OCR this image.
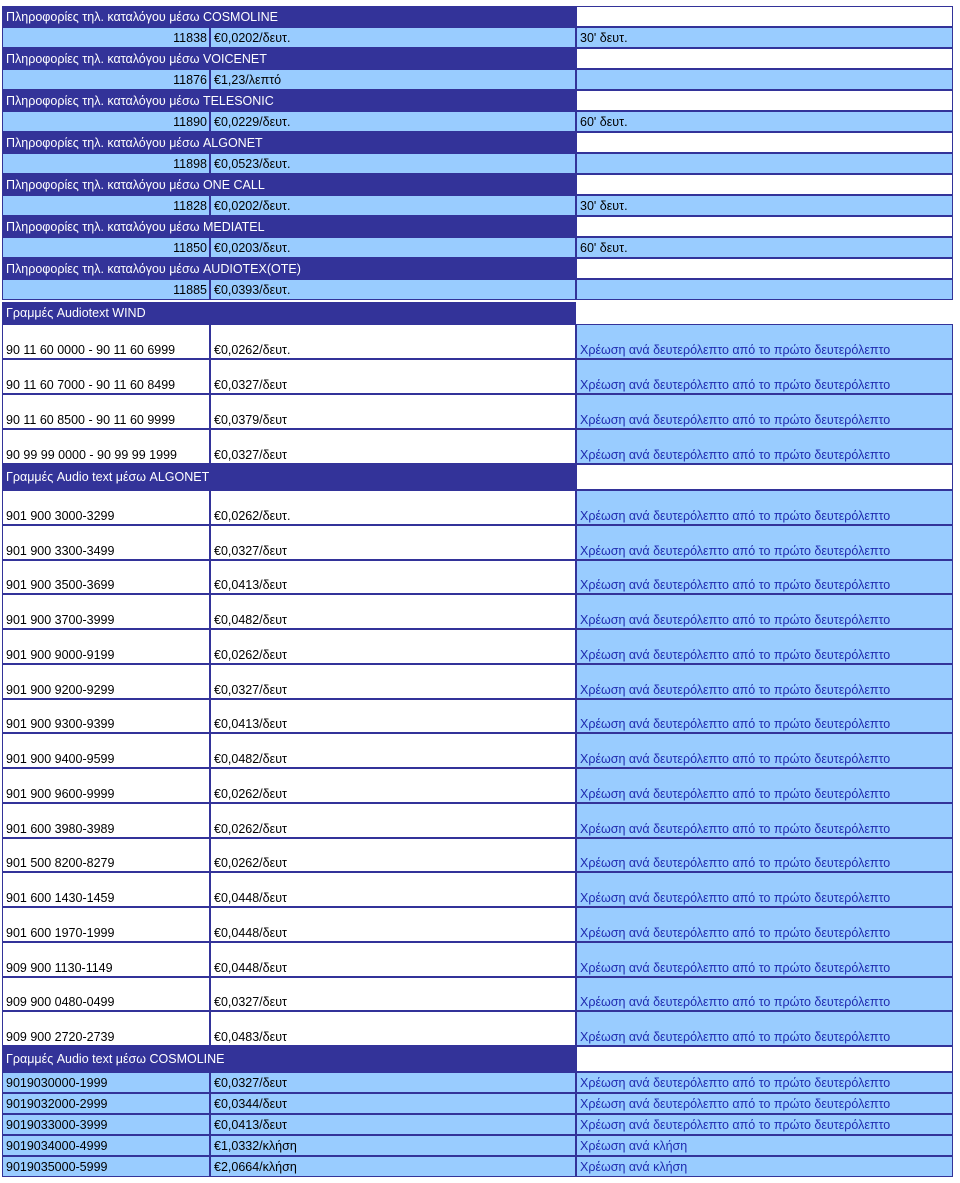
Πληροφορίες τηλ. καταλόγου μέσω COSMOLINE
11838 €0,0202/δευτ.	30' δευτ.
Πληροφορίες τηλ. καταλόγου μέσω VOICENET
11876 €1,23/λεπτό
Πληροφορίες τηλ. καταλόγου μέσω TELESONIC
11890 €0,0229/δευτ.	60' δευτ.
Πληροφορίες τηλ. καταλόγου μέσω ALGONET
11898 €0,0523/δευτ.
Πληροφορίες τηλ. καταλόγου μέσω ONE CALL
11828 €0,0202/δευτ.	30' δευτ.
Πληροφορίες τηλ. καταλόγου μέσω MEDIATEL
11850 €0,0203/δευτ.	60' δευτ.
Πληροφορίες τηλ. καταλόγου μέσω AUDIOTEX(OTE)
11885 €0,0393/δευτ.
Γραμμές Audiotext WIND
90 11 60 0000 - 90 11 60 6999	€0,0262/δευτ.	Χρέωση ανά δευτερόλεπτο από το πρώτο δευτερόλεπτο
90 11 60 7000 - 90 11 60 8499	€0,0327/δευτ	Χρέωση ανά δευτερόλεπτο από το πρώτο δευτερόλεπτο
90 11 60 8500 - 90 11 60 9999	€0,0379/δευτ	Χρέωση ανά δευτερόλεπτο από το πρώτο δευτερόλεπτο
90 99 99 0000 - 90 99 99 1999	€0,0327/δευτ	Χρέωση ανά δευτερόλεπτο από το πρώτο δευτερόλεπτο
Γραμμές Audio text μέσω ALGONET
901 900 3000-3299	€0,0262/δευτ.	Χρέωση ανά δευτερόλεπτο από το πρώτο δευτερόλεπτο
901 900 3300-3499	€0,0327/δευτ	Χρέωση ανά δευτερόλεπτο από το πρώτο δευτερόλεπτο
901 900 3500-3699	€0,0413/δευτ	Χρέωση ανά δευτερόλεπτο από το πρώτο δευτερόλεπτο
901 900 3700-3999	€0,0482/δευτ	Χρέωση ανά δευτερόλεπτο από το πρώτο δευτερόλεπτο
901 900 9000-9199	€0,0262/δευτ	Χρέωση ανά δευτερόλεπτο από το πρώτο δευτερόλεπτο
901 900 9200-9299	€0,0327/δευτ	Χρέωση ανά δευτερόλεπτο από το πρώτο δευτερόλεπτο
901 900 9300-9399	€0,0413/δευτ	Χρέωση ανά δευτερόλεπτο από το πρώτο δευτερόλεπτο
901 900 9400-9599	€0,0482/δευτ	Χρέωση ανά δευτερόλεπτο από το πρώτο δευτερόλεπτο
901 900 9600-9999	€0,0262/δευτ	Χρέωση ανά δευτερόλεπτο από το πρώτο δευτερόλεπτο
901 600 3980-3989	€0,0262/δευτ	Χρέωση ανά δευτερόλεπτο από το πρώτο δευτερόλεπτο
901 500 8200-8279	€0,0262/δευτ	Χρέωση ανά δευτερόλεπτο από το πρώτο δευτερόλεπτο
901 600 1430-1459	€0,0448/δευτ	Χρέωση ανά δευτερόλεπτο από το πρώτο δευτερόλεπτο
901 600 1970-1999	€0,0448/δευτ	Χρέωση ανά δευτερόλεπτο από το πρώτο δευτερόλεπτο
909 900 1130-1149	€0,0448/δευτ	Χρέωση ανά δευτερόλεπτο από το πρώτο δευτερόλεπτο
909 900 0480-0499	€0,0327/δευτ	Χρέωση ανά δευτερόλεπτο από το πρώτο δευτερόλεπτο
909 900 2720-2739	€0,0483/δευτ	Χρέωση ανά δευτερόλεπτο από το πρώτο δευτερόλεπτο
Γραμμές Audio text μέσω COSMOLINE
9019030000-1999	€0,0327/δευτ	Χρέωση ανά δευτερόλεπτο από το πρώτο δευτερόλεπτο
9019032000-2999	€0,0344/δευτ	Χρέωση ανά δευτερόλεπτο από το πρώτο δευτερόλεπτο
9019033000-3999	€0,0413/δευτ	Χρέωση ανά δευτερόλεπτο από το πρώτο δευτερόλεπτο
9019034000-4999	€1,0332/κλήση	Χρέωση ανά κλήση
9019035000-5999	€2,0664/κλήση	Χρέωση ανά κλήση
